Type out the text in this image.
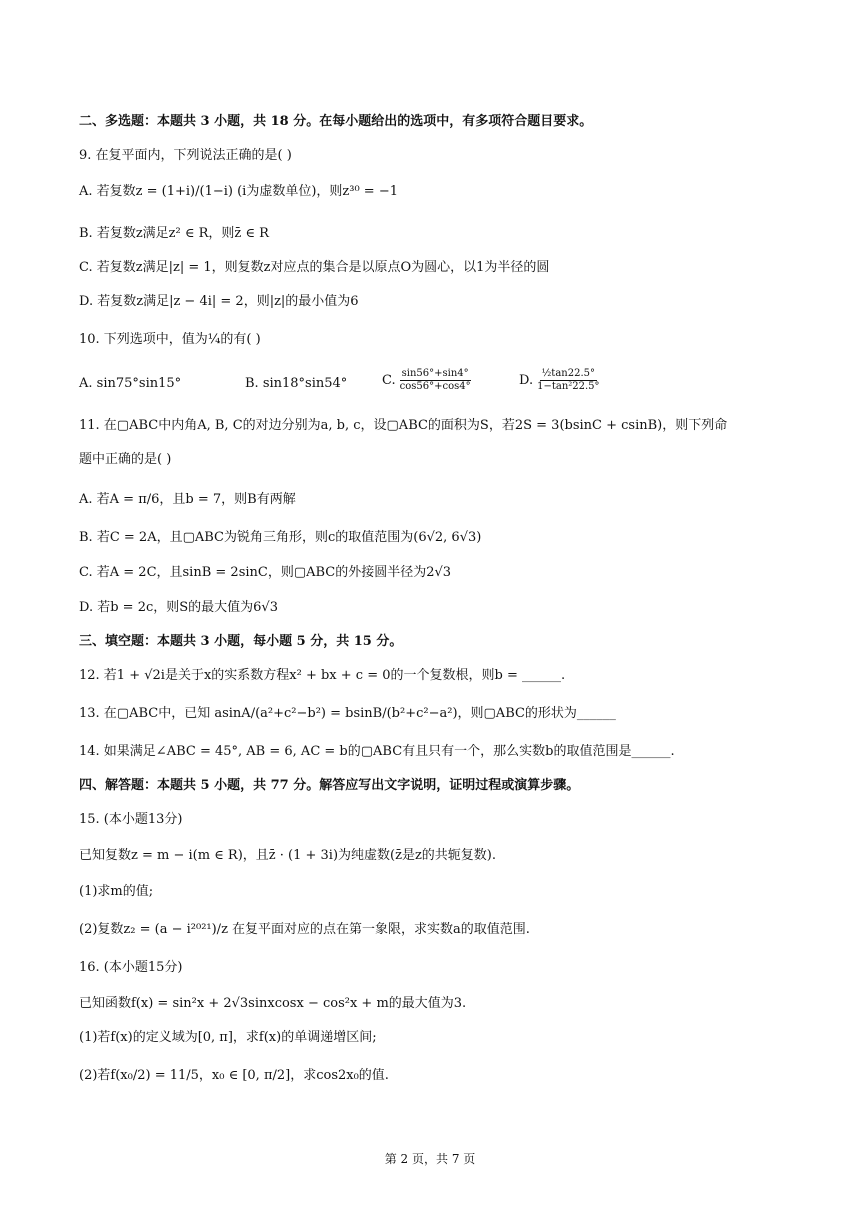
二、多选题：本题共 3 小题，共 18 分。在每小题给出的选项中，有多项符合题目要求。
9. 在复平面内，下列说法正确的是( )
A. 若复数z = (1+i)/(1−i) (i为虚数单位)，则z³⁰ = −1
B. 若复数z满足z² ∈ R，则z̄ ∈ R
C. 若复数z满足|z| = 1，则复数z对应点的集合是以原点O为圆心，以1为半径的圆
D. 若复数z满足|z − 4i| = 2，则|z|的最小值为6
10. 下列选项中，值为¼的有( )
A. sin75°sin15°	B. sin18°sin54°	C. $\frac{\sin 56^\circ+\sin 4^\circ}{\cos 56^\circ+\cos 4^\circ}$	D. $\frac{\text{½tan22.5°}}{\text{1−tan²22.5°}}$
11. 在▢ABC中内角A, B, C的对边分别为a, b, c，设▢ABC的面积为S，若2S = 3(bsinC + csinB)，则下列命
题中正确的是( )
A. 若A = π/6，且b = 7，则B有两解
B. 若C = 2A，且▢ABC为锐角三角形，则c的取值范围为(6√2, 6√3)
C. 若A = 2C，且sinB = 2sinC，则▢ABC的外接圆半径为2√3
D. 若b = 2c，则S的最大值为6√3
三、填空题：本题共 3 小题，每小题 5 分，共 15 分。
12. 若1 + √2i是关于x的实系数方程x² + bx + c = 0的一个复数根，则b = ______.
13. 在▢ABC中，已知 asinA/(a²+c²−b²) = bsinB/(b²+c²−a²)，则▢ABC的形状为______
14. 如果满足∠ABC = 45°, AB = 6, AC = b的▢ABC有且只有一个，那么实数b的取值范围是______.
四、解答题：本题共 5 小题，共 77 分。解答应写出文字说明，证明过程或演算步骤。
15. (本小题13分)
已知复数z = m − i(m ∈ R)，且z̄ · (1 + 3i)为纯虚数(z̄是z的共轭复数).
(1)求m的值;
(2)复数z₂ = (a − i²⁰²¹)/z 在复平面对应的点在第一象限，求实数a的取值范围.
16. (本小题15分)
已知函数f(x) = sin²x + 2√3sinxcosx − cos²x + m的最大值为3.
(1)若f(x)的定义域为[0, π]，求f(x)的单调递增区间;
(2)若f(x₀/2) = 11/5，x₀ ∈ [0, π/2]，求cos2x₀的值.
第 2 页，共 7 页
